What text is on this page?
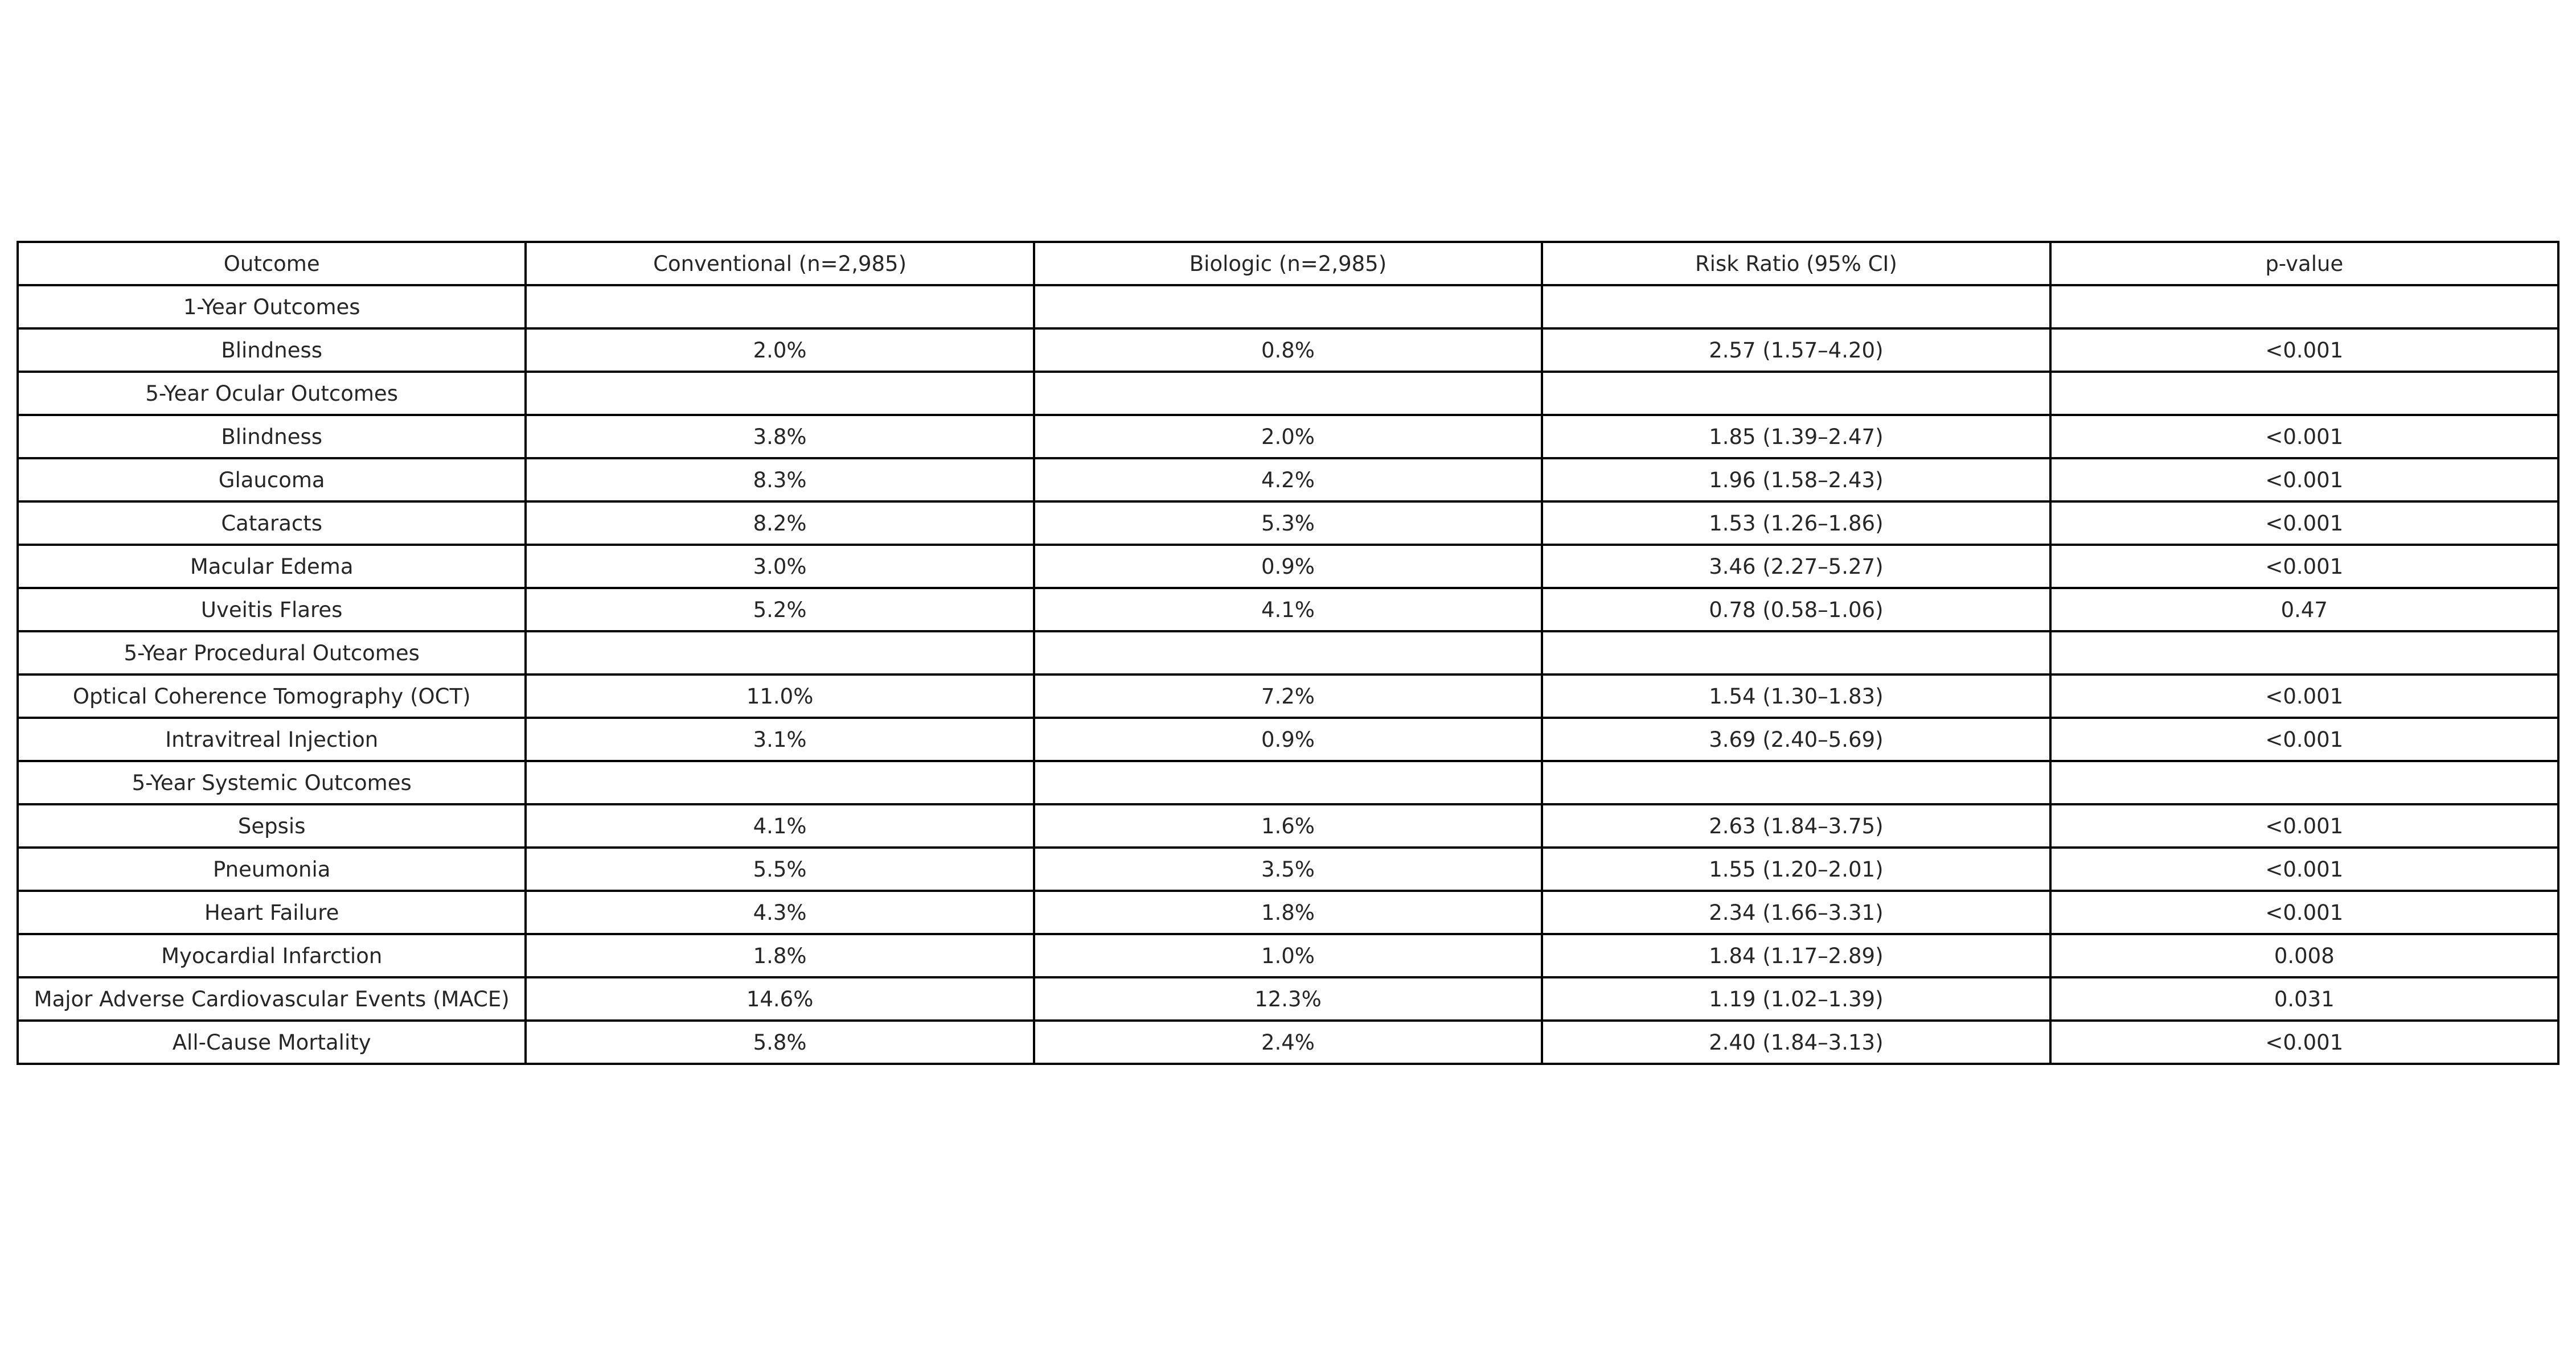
Outcome	Conventional (n=2,985)	Biologic (n=2,985)	Risk Ratio (95% CI)	p-value
1-Year Outcomes				
Blindness	2.0%	0.8%	2.57 (1.57–4.20)	<0.001
5-Year Ocular Outcomes				
Blindness	3.8%	2.0%	1.85 (1.39–2.47)	<0.001
Glaucoma	8.3%	4.2%	1.96 (1.58–2.43)	<0.001
Cataracts	8.2%	5.3%	1.53 (1.26–1.86)	<0.001
Macular Edema	3.0%	0.9%	3.46 (2.27–5.27)	<0.001
Uveitis Flares	5.2%	4.1%	0.78 (0.58–1.06)	0.47
5-Year Procedural Outcomes				
Optical Coherence Tomography (OCT)	11.0%	7.2%	1.54 (1.30–1.83)	<0.001
Intravitreal Injection	3.1%	0.9%	3.69 (2.40–5.69)	<0.001
5-Year Systemic Outcomes				
Sepsis	4.1%	1.6%	2.63 (1.84–3.75)	<0.001
Pneumonia	5.5%	3.5%	1.55 (1.20–2.01)	<0.001
Heart Failure	4.3%	1.8%	2.34 (1.66–3.31)	<0.001
Myocardial Infarction	1.8%	1.0%	1.84 (1.17–2.89)	0.008
Major Adverse Cardiovascular Events (MACE)	14.6%	12.3%	1.19 (1.02–1.39)	0.031
All-Cause Mortality	5.8%	2.4%	2.40 (1.84–3.13)	<0.001
